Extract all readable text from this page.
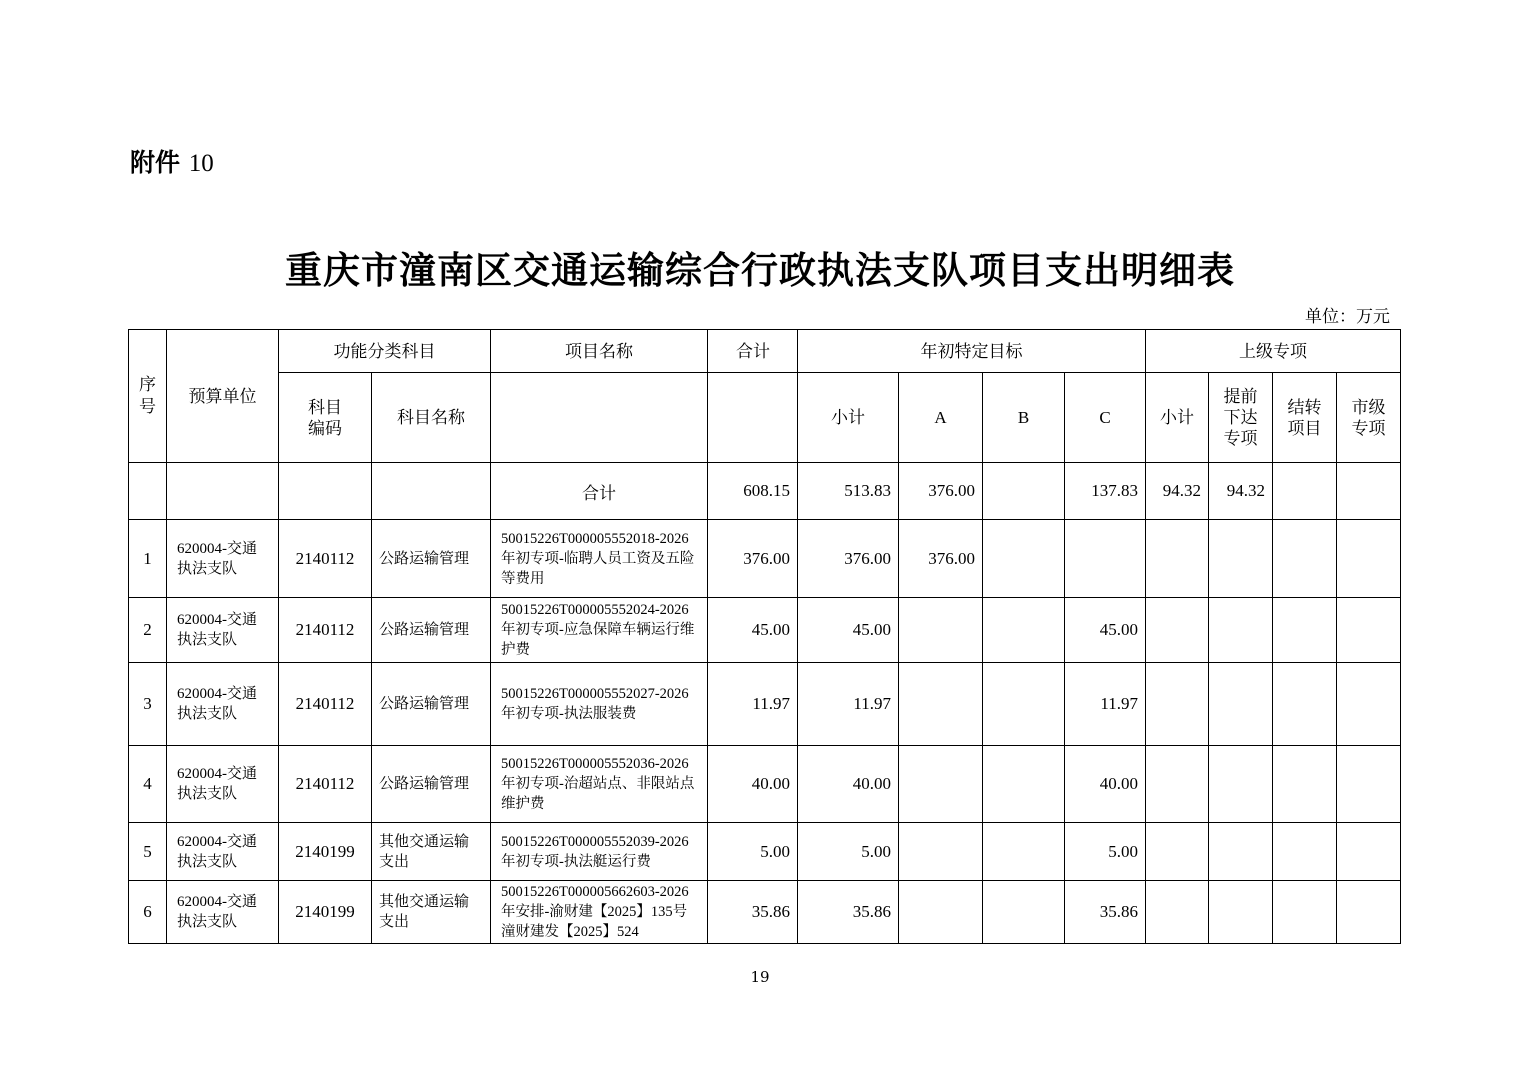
附件 10
重庆市潼南区交通运输综合行政执法支队项目支出明细表
单位：万元
序号	预算单位	功能分类科目		项目名称	合计	年初特定目标				上级专项			
		科目编码	科目名称			小计	A	B	C	小计	提前下达专项	结转项目	市级专项
				合计	608.15	513.83	376.00		137.83	94.32	94.32		
1	620004-交通执法支队	2140112	公路运输管理	50015226T000005552018-2026年初专项-临聘人员工资及五险等费用	376.00	376.00	376.00						
2	620004-交通执法支队	2140112	公路运输管理	50015226T000005552024-2026年初专项-应急保障车辆运行维护费	45.00	45.00			45.00				
3	620004-交通执法支队	2140112	公路运输管理	50015226T000005552027-2026年初专项-执法服装费	11.97	11.97			11.97				
4	620004-交通执法支队	2140112	公路运输管理	50015226T000005552036-2026年初专项-治超站点、非限站点维护费	40.00	40.00			40.00				
5	620004-交通执法支队	2140199	其他交通运输支出	50015226T000005552039-2026年初专项-执法艇运行费	5.00	5.00			5.00				
6	620004-交通执法支队	2140199	其他交通运输支出	50015226T000005662603-2026年安排-渝财建【2025】135号潼财建发【2025】524	35.86	35.86			35.86				
19
